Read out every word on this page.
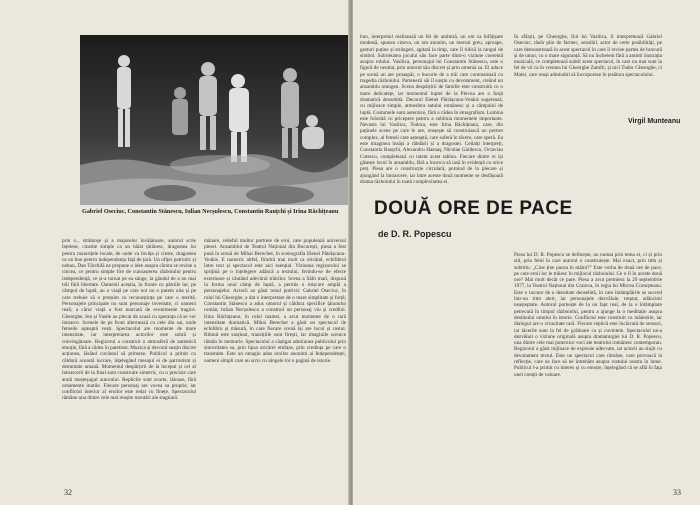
Gabriel Oseciuc, Constantin Stănescu, Iulian Necșulescu, Constantin Rauțchi și Irina Răchițeanu

prin s... strămoșe și a majorelor învățătoare, autorul scrie înțelese, cinstite simple ca un băiat țărănesc, dragostea lui pentru maiorițele locale, de unde va învăța și cinste, dragostea ca un bun pentru independența față de țară. Un ofițer patriotic și nebun, Dan Târchilă ne propune o idee asupra cărora se revine a cincea, ce pentru simple fire de cunoașterea războiului pentru independență, ce și-a turnat pe ea sânge, la gândul de a nu mai trăi fără libertate. Oamenii aceștia, în frunte cu pătriile lor, pe câmpul de luptă, au o viață pe care noi nu o putem uita și pe care trebuie să o prețuim cu recunoștința pe care o merită. Personajele principale nu sunt personaje inventate, ci oameni reali, a căror viață a fost marcată de evenimente tragice. Gheorghe, Ion și Vasile au plecat de acasă cu speranța că se vor întoarce. Scenele de pe front alternează cu cele din sat, unde femeile așteaptă vești. Spectacolul are momente de mare intensitate, iar interpretarea actorilor este sobră și convingătoare. Regizorul a construit o atmosferă de autentică emoție, fără a cădea în patetism. Muzica și decorul susțin discret acțiunea, lăsând cuvântul să primeze. Publicul a primit cu căldură această lucrare, înțelegând mesajul ei de patriotism și demnitate umană. Momentul despărțirii de la început și cel al întoarcerii de la final sunt construite simetric, cu o precizie care arată meșteșugul autorului. Replicile sunt scurte, tăioase, fără ornamente inutile. Fiecare personaj are vocea sa proprie, iar conflictul interior al eroilor este redat cu finețe. Spectacolul rămâne una dintre cele mai reușite montări ale stagiunii.

mânare, relieful multor portrete de eroi, care populează universul piesei. Ansamblul de Teatrul Național din București, piesa a fost pusă în scenă de Mihai Berechet, în scenografia Elenei Pătrășcanu-Veakis. E numeric altfel, fiindcă mai mult ca oricând, echilibrul între text și spectacol este aici esențial. Viziunea regizorului se sprijină pe o înțelegere adâncă a textului, ferindu-se de efecte exterioare și căutând adevărul trăirilor. Scena a Sălii mari, dispusă în forma unui câmp de luptă, a permis o mișcare amplă a personajelor. Actorii au găsit tonul potrivit: Gabriel Oseciuc, în rolul lui Gheorghe, a dat o interpretare de o mare simplitate și forță; Constantin Stănescu a adus umorul și căldura specifice țăranului român; Iulian Necșulescu a construit un personaj viu și credibil. Irina Răchițeanu, în rolul mamei, a avut momente de o rară intensitate dramatică. Mihai Berechet a găsit un spectacol de echilibru și măsură, în care fiecare scenă își are locul și rostul. Ritmul este susținut, tranzițiile sunt firești, iar imaginile scenice rămân în memorie. Spectacolul a câștigat adeziunea publicului prin sinceritatea sa, prin lipsa oricărei emfaze, prin credința pe care o transmite. Este un omagiu adus eroilor anonimi ai Independenței, oameni simpli care au scris cu sângele lor o pagină de istorie.

32

bun, interpretul realizează un fel de antiteză, un om ca înfățișare modestă, spunea cineva, un om anonim, un mersul greu, aproape, gesturi puține și strângeri, agitată la timp, care îl ridică la rangul de simbol. Sobrietatea jocului său face parte dintr-o viziune coerentă asupra rolului. Vasilica, personajul lui Constantin Stănescu, este o figură de neuitat, prin umorul său discret și prin omenia sa. El aduce pe scenă un aer proaspăt, o bucurie de a trăi care contrastează cu tragedia războiului. Partenerii săi îl susțin cu devotament, creând un ansamblu omogen. Scena despărțirii de familie este construită cu o mare delicatețe, iar momentul luptei de la Plevna are o forță dramatică deosebită. Decorul Elenei Pătrășcanu-Veakis sugerează, cu mijloace simple, atmosfera satului românesc și a câmpului de luptă. Costumele sunt autentice, fără a cădea în etnografism. Lumina este folosită cu pricepere pentru a sublinia momentele importante. Nevasta lui Vasilica, Todora, este Irina Răchițeanu, care, din puținele scene pe care le are, reușește să construiască un portret complex, al femeii care așteaptă, care suferă în tăcere, care speră. Ea este imaginea însăși a răbdării și a dragostei. Ceilalți interpreți, Constantin Rauțchi, Alexandru Hasnaș, Nicolae Gărdescu, Octavian Cotescu, completează cu talent acest tablou. Fiecare dintre ei își găsește locul în ansamblu, fără a încerca să iasă în evidență cu orice preț. Piesa are o construcție circulară, pornind de la plecare și ajungând la întoarcere, iar între aceste două momente se desfășoară drama războiului în toată complexitatea ei.

În sfârșit, pe Gheorghe, fiul lui Vasilica, îl interpretează Gabriel Oseciuc, tânăr plin de farmec, sensibil, actor de certe posibilități, pe care demonstrează în acest spectacol în care îi revine partea de bravură și de umor, cu o mare siguranță. Să nu încheiem fără a aminti ilustrația muzicală, ce completează subtil acest spectacol, în care nu mai sunt la fel de vii ca în vremea lui Gheorghe Zamfir, și nici Tudor Gheorghe, ci Matei, care reuși admirabil să încorporeze în țesătura spectacolului.

Piesa lui D. R. Popescu se definește, nu numai prin tema ei, ci și prin stil, prin felul în care autorul o construiește. Mai exact, prin titlu și subtitlu: „Cine ține pacea în mâini?” Este vorba de două ore de pace, pe care eroii lor le trăiesc în mijlocul războiului. Ce o fi în aceste două ore? Mai mult decât ce pare. Piesa a avut premiera la 29 septembrie 1977, la Teatrul Național din Craiova, în regia lui Mircea Cornișteanu. Este o lucrare de o densitate deosebită, în care întâmplările se succed într-un ritm alert, iar personajele dezvăluie, treptat, adâncimi neașteptate. Autorul pornește de la un fapt real, de la o întâmplare petrecută în timpul războiului, pentru a ajunge la o meditație asupra destinului omului în istorie. Conflictul este construit cu măiestrie, iar dialogul are o vivacitate rară. Fiecare replică este încărcată de sensuri, iar tăcerile sunt la fel de grăitoare ca și cuvintele. Spectacolul ne-a dezvăluit o viziune originală asupra dramaturgiei lui D. R. Popescu, una dintre cele mai puternice voci ale teatrului românesc contemporan. Regizorul a găsit mijloace de expresie adecvate, iar actorii au slujit cu devotament textul. Este un spectacol care rămâne, care provoacă la reflecție, care ne face să ne întrebăm asupra rostului nostru în lume. Publicul l-a primit cu interes și cu emoție, înțelegând că se află în fața unei creații de valoare.

33
Virgil Munteanu
DOUĂ ORE DE PACE
de D. R. Popescu
